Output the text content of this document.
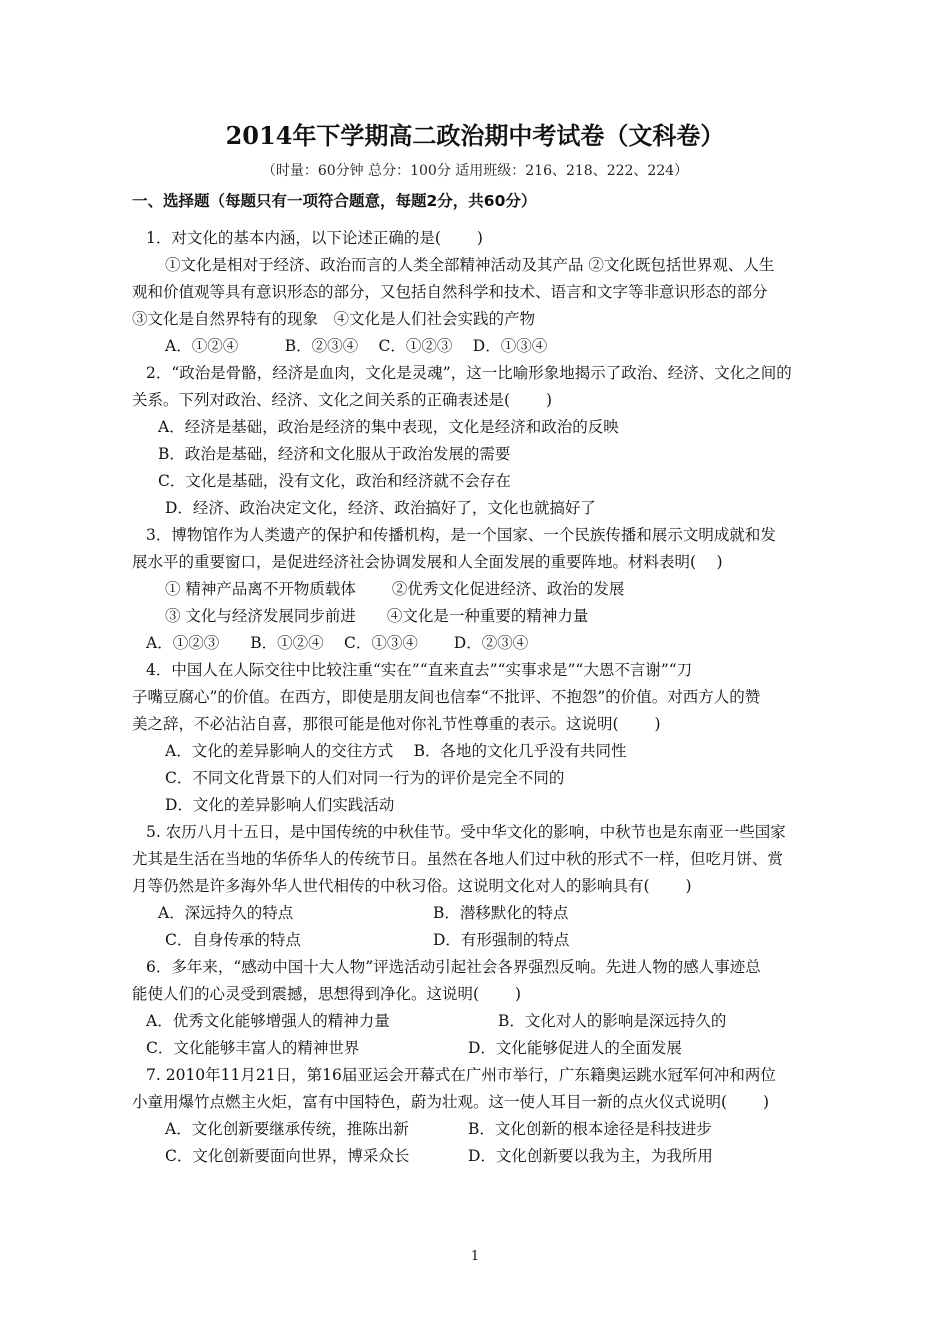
2014年下学期高二政治期中考试卷（文科卷）
（时量：60分钟 总分：100分 适用班级：216、218、222、224）
一、选择题（每题只有一项符合题意，每题2分，共60分）
1．对文化的基本内涵，以下论述正确的是(　　 )
①文化是相对于经济、政治而言的人类全部精神活动及其产品 ②文化既包括世界观、人生
观和价值观等具有意识形态的部分，又包括自然科学和技术、语言和文字等非意识形态的部分
③文化是自然界特有的现象　④文化是人们社会实践的产物
A．①②④　　　B．②③④　 C．①②③　 D．①③④
2．“政治是骨骼，经济是血肉，文化是灵魂”，这一比喻形象地揭示了政治、经济、文化之间的
关系。下列对政治、经济、文化之间关系的正确表述是(　　 )
A．经济是基础，政治是经济的集中表现，文化是经济和政治的反映
B．政治是基础，经济和文化服从于政治发展的需要
C．文化是基础，没有文化，政治和经济就不会存在
D．经济、政治决定文化，经济、政治搞好了，文化也就搞好了
3．博物馆作为人类遗产的保护和传播机构，是一个国家、一个民族传播和展示文明成就和发
展水平的重要窗口，是促进经济社会协调发展和人全面发展的重要阵地。材料表明(　 )
① 精神产品离不开物质载体　　 ②优秀文化促进经济、政治的发展
③ 文化与经济发展同步前进　　④文化是一种重要的精神力量
A．①②③　　B．①②④　 C．①③④　　 D．②③④
4．中国人在人际交往中比较注重“实在”“直来直去”“实事求是”“大恩不言谢”“刀
子嘴豆腐心”的价值。在西方，即使是朋友间也信奉“不批评、不抱怨”的价值。对西方人的赞
美之辞，不必沾沾自喜，那很可能是他对你礼节性尊重的表示。这说明(　　 )
A．文化的差异影响人的交往方式　 B．各地的文化几乎没有共同性
C．不同文化背景下的人们对同一行为的评价是完全不同的
D．文化的差异影响人们实践活动
5. 农历八月十五日，是中国传统的中秋佳节。受中华文化的影响，中秋节也是东南亚一些国家
尤其是生活在当地的华侨华人的传统节日。虽然在各地人们过中秋的形式不一样，但吃月饼、赏
月等仍然是许多海外华人世代相传的中秋习俗。这说明文化对人的影响具有(　　 )
A．深远持久的特点	B．潜移默化的特点
C．自身传承的特点	D．有形强制的特点
6．多年来，“感动中国十大人物”评选活动引起社会各界强烈反响。先进人物的感人事迹总
能使人们的心灵受到震撼，思想得到净化。这说明(　　 )
A．优秀文化能够增强人的精神力量	B．文化对人的影响是深远持久的
C．文化能够丰富人的精神世界	D．文化能够促进人的全面发展
7. 2010年11月21日，第16届亚运会开幕式在广州市举行，广东籍奥运跳水冠军何冲和两位
小童用爆竹点燃主火炬，富有中国特色，蔚为壮观。这一使人耳目一新的点火仪式说明(　　 )
A．文化创新要继承传统，推陈出新	B．文化创新的根本途径是科技进步
C．文化创新要面向世界，博采众长	D．文化创新要以我为主，为我所用
1
